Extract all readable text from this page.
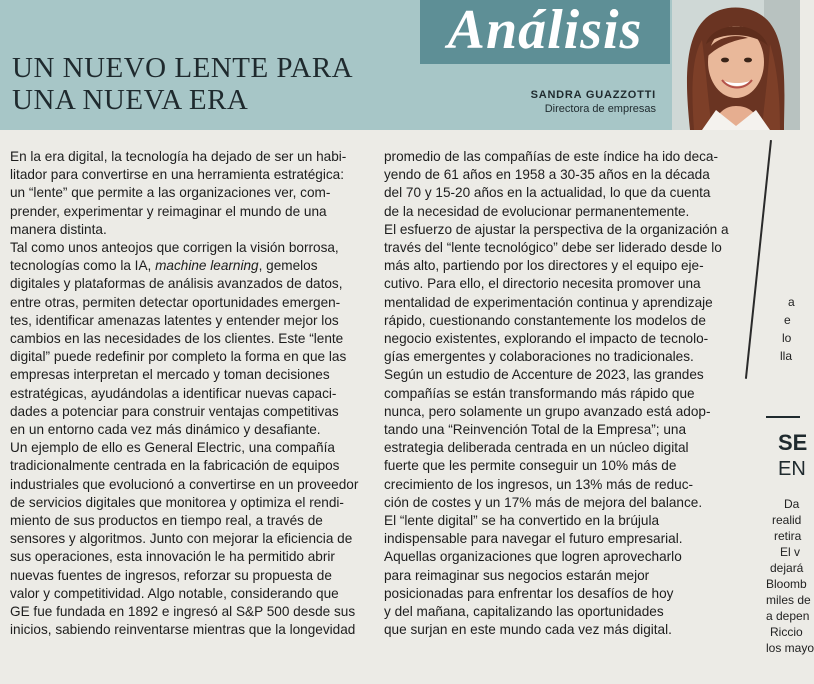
Análisis
UN NUEVO LENTE PARA
UNA NUEVA ERA	SANDRA GUAZZOTTI
Directora de empresas

En la era digital, la tecnología ha dejado de ser un habi-

litador para convertirse en una herramienta estratégica:

un “lente” que permite a las organizaciones ver, com-

prender, experimentar y reimaginar el mundo de una

manera distinta.

Tal como unos anteojos que corrigen la visión borrosa,

tecnologías como la IA, machine learning, gemelos

digitales y plataformas de análisis avanzados de datos,

entre otras, permiten detectar oportunidades emergen-

tes, identificar amenazas latentes y entender mejor los

cambios en las necesidades de los clientes. Este “lente

digital” puede redefinir por completo la forma en que las

empresas interpretan el mercado y toman decisiones

estratégicas, ayudándolas a identificar nuevas capaci-

dades a potenciar para construir ventajas competitivas

en un entorno cada vez más dinámico y desafiante.

Un ejemplo de ello es General Electric, una compañía

tradicionalmente centrada en la fabricación de equipos

industriales que evolucionó a convertirse en un proveedor

de servicios digitales que monitorea y optimiza el rendi-

miento de sus productos en tiempo real, a través de

sensores y algoritmos. Junto con mejorar la eficiencia de

sus operaciones, esta innovación le ha permitido abrir

nuevas fuentes de ingresos, reforzar su propuesta de

valor y competitividad. Algo notable, considerando que

GE fue fundada en 1892 e ingresó al S&P 500 desde sus

inicios, sabiendo reinventarse mientras que la longevidad

promedio de las compañías de este índice ha ido deca-

yendo de 61 años en 1958 a 30-35 años en la década

del 70 y 15-20 años en la actualidad, lo que da cuenta

de la necesidad de evolucionar permanentemente.

El esfuerzo de ajustar la perspectiva de la organización a

través del “lente tecnológico” debe ser liderado desde lo

más alto, partiendo por los directores y el equipo eje-

cutivo. Para ello, el directorio necesita promover una

mentalidad de experimentación continua y aprendizaje

rápido, cuestionando constantemente los modelos de

negocio existentes, explorando el impacto de tecnolo-

gías emergentes y colaboraciones no tradicionales.

Según un estudio de Accenture de 2023, las grandes

compañías se están transformando más rápido que

nunca, pero solamente un grupo avanzado está adop-

tando una “Reinvención Total de la Empresa”; una

estrategia deliberada centrada en un núcleo digital

fuerte que les permite conseguir un 10% más de

crecimiento de los ingresos, un 13% más de reduc-

ción de costes y un 17% más de mejora del balance.

El “lente digital” se ha convertido en la brújula

indispensable para navegar el futuro empresarial.

Aquellas organizaciones que logren aprovecharlo

para reimaginar sus negocios estarán mejor

posicionadas para enfrentar los desafíos de hoy

y del mañana, capitalizando las oportunidades

que surjan en este mundo cada vez más digital.

a
e
lo
lla
SE
EN
Da
realid
retira
El v
dejará
Bloomb
miles de
a depen
Riccio
los mayo
